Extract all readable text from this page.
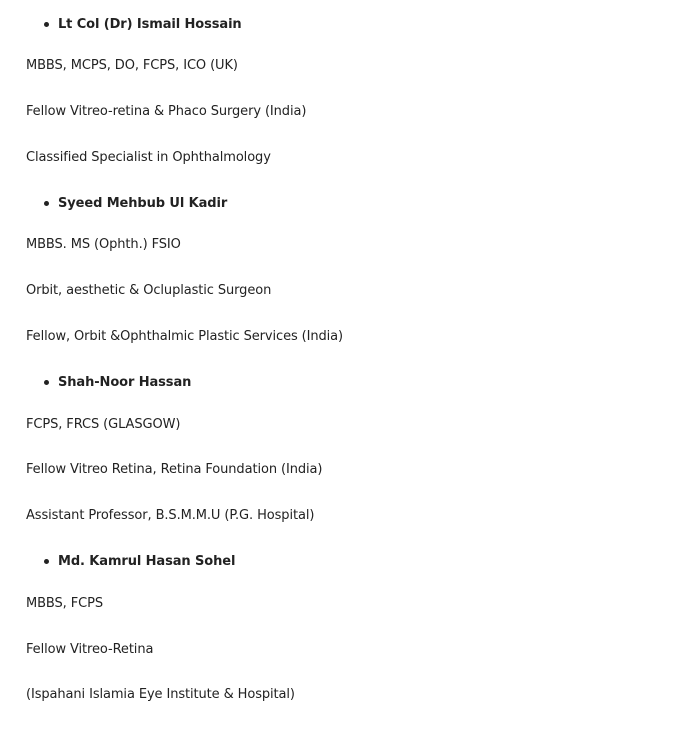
Lt Col (Dr) Ismail Hossain
MBBS, MCPS, DO, FCPS, ICO (UK)
Fellow Vitreo-retina & Phaco Surgery (India)
Classified Specialist in Ophthalmology
Syeed Mehbub Ul Kadir
MBBS. MS (Ophth.) FSIO
Orbit, aesthetic & Ocluplastic Surgeon
Fellow, Orbit &Ophthalmic Plastic Services (India)
Shah-Noor Hassan
FCPS, FRCS (GLASGOW)
Fellow Vitreo Retina, Retina Foundation (India)
Assistant Professor, B.S.M.M.U (P.G. Hospital)
Md. Kamrul Hasan Sohel
MBBS, FCPS
Fellow Vitreo-Retina
(Ispahani Islamia Eye Institute & Hospital)
